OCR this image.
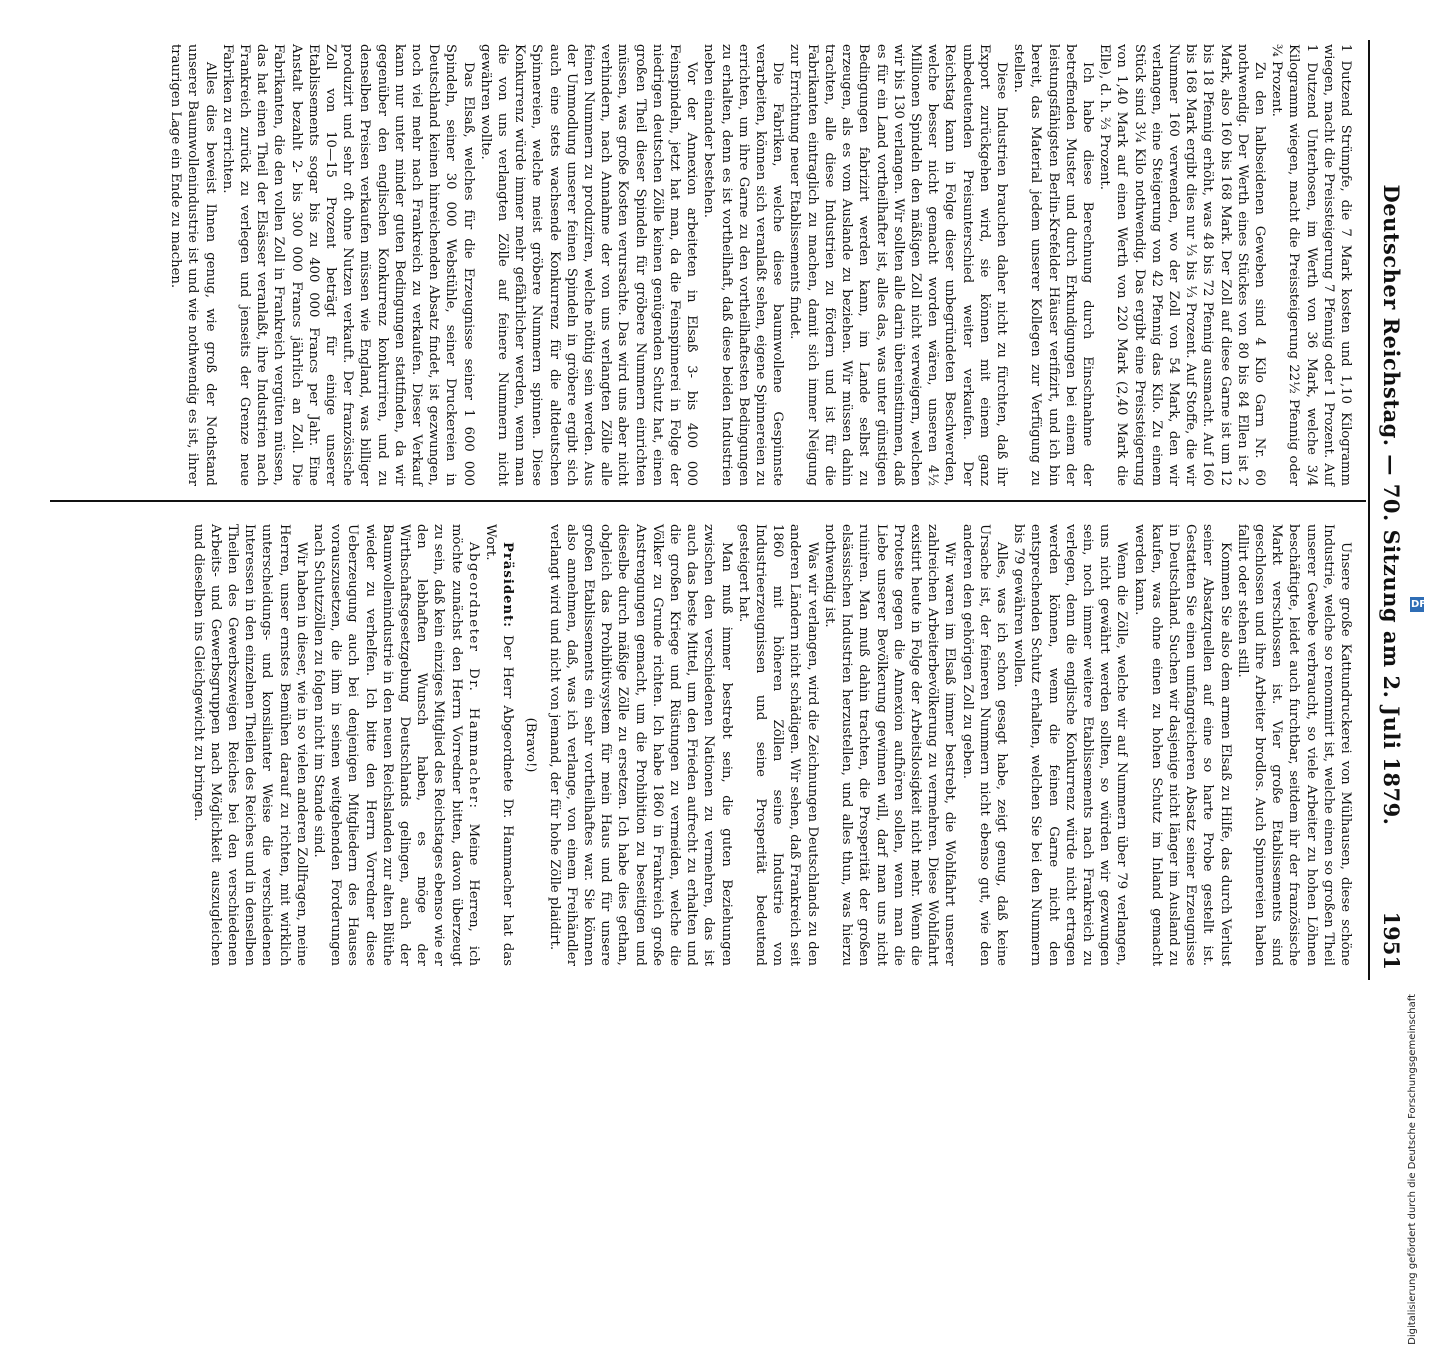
Deutscher Reichstag. — 70. Sitzung am 2. Juli 1879.
1951

1 Dutzend Strümpfe, die 7 Mark kosten und 1,10 Kilogramm wiegen, macht die Preissteigerung 7 Pfennig oder 1 Prozent. Auf 1 Dutzend Unterhosen, im Werth von 36 Mark, welche 3/4 Kilogramm wiegen, macht die Preissteigerung 22½ Pfennig oder ¾ Prozent.

Zu den halbseidenen Geweben sind 4 Kilo Garn Nr. 60 nothwendig. Der Werth eines Stückes von 80 bis 84 Ellen ist 2 Mark, also 160 bis 168 Mark. Der Zoll auf diese Garne ist um 12 bis 18 Pfennig erhöht, was 48 bis 72 Pfennig ausmacht. Auf 160 bis 168 Mark ergibt dies nur ⅓ bis ⅓ Prozent. Auf Stoffe, die wir Nummer 160 verwenden, wo der Zoll von 54 Mark, den wir verlangen, eine Steigerung von 42 Pfennig das Kilo. Zu einem Stück sind 3¼ Kilo nothwendig. Das ergibt eine Preissteigerung von 1,40 Mark auf einen Werth von 220 Mark (2,40 Mark die Elle), d. h. ⅔ Prozent.

Ich habe diese Berechnung durch Einschnahme der betreffenden Muster und durch Erkundigungen bei einem der leistungsfähigsten Berlin-Krefelder Häuser verifizirt, und ich bin bereit, das Material jedem unserer Kollegen zur Verfügung zu stellen.

Diese Industrien brauchen daher nicht zu fürchten, daß ihr Export zurückgehen wird, sie können mit einem ganz unbedeutenden Preisunterschied weiter verkaufen. Der Reichstag kann in Folge dieser unbegründeten Beschwerden, welche besser nicht gemacht worden wären, unseren 4½ Millionen Spindeln den mäßigen Zoll nicht verweigern, welchen wir bis 130 verlangen. Wir sollten alle darin übereinstimmen, daß es für ein Land vortheilhafter ist, alles das, was unter günstigen Bedingungen fabrizirt werden kann, im Lande selbst zu erzeugen, als es vom Auslande zu beziehen. Wir müssen dahin trachten, alle diese Industrien zu fördern und ist für die Fabrikanten eintraglich zu machen, damit sich immer Neigung zur Errichtung neuer Etablissements findet.

Die Fabriken, welche diese baumwollene Gespinnste verarbeiten, können sich veranlaßt sehen, eigene Spinnereien zu errichten, um ihre Garne zu den vortheilhaftesten Bedingungen zu erhalten, denn es ist vortheilhaft, daß diese beiden Industrien neben einander bestehen.

Vor der Annexion arbeiteten in Elsaß 3- bis 400 000 Feinspindeln, jetzt hat man, da die Feinspinnerei in Folge der niedrigen deutschen Zölle keinen genügenden Schutz hat, einen großen Theil dieser Spindeln für gröbere Nummern einrichten müssen, was große Kosten verursachte. Das wird uns aber nicht verhindern, nach Annahme der von uns verlangten Zölle alle feinen Nummern zu produziren, welche nöthig sein werden. Aus der Ummodlung unserer feinen Spindeln in gröbere ergibt sich auch eine stets wachsende Konkurrenz für die altdeutschen Spinnereien, welche meist gröbere Nummern spinnen. Diese Konkurrenz würde immer mehr gefährlicher werden, wenn man die von uns verlangten Zölle auf feinere Nummern nicht gewähren wollte.

Das Elsaß, welches für die Erzeugnisse seiner 1 600 000 Spindeln, seiner 30 000 Webstühle, seiner Druckereien in Deutschland keinen hinreichenden Absatz findet, ist gezwungen, noch viel mehr nach Frankreich zu verkaufen. Dieser Verkauf kann nur unter minder guten Bedingungen stattfinden, da wir gegenüber den englischen Konkurrenz konkurriren, und zu denselben Preisen verkaufen müssen wie England, was billiger produzirt und sehr oft ohne Nutzen verkauft. Der französische Zoll von 10—15 Prozent beträgt für einige unserer Etablissements sogar bis zu 400 000 Francs per Jahr. Eine Anstalt bezahlt 2- bis 300 000 Francs jährlich an Zoll. Die Fabrikanten, die den vollen Zoll in Frankreich vergüten müssen, das hat einen Theil der Elsässer veranlaßt, ihre Industrien nach Frankreich zurück zu verlegen und jenseits der Grenze neue Fabriken zu errichten.

Alles dies beweist Ihnen genug, wie groß der Nothstand unserer Baumwollenindustrie ist und wie nothwendig es ist, ihrer traurigen Lage ein Ende zu machen.

Unsere große Kattundruckerei von Mülhausen, diese schöne Industrie, welche so renommirt ist, welche einen so großen Theil unserer Gewebe verbraucht, so viele Arbeiter zu hohen Löhnen beschäftigte, leidet auch furchtbar, seitdem ihr der französische Markt verschlossen ist. Vier große Etablissements sind geschlossen und ihre Arbeiter brodlos. Auch Spinnereien haben fallirt oder stehen still.

Kommen Sie also dem armen Elsaß zu Hilfe, das durch Verlust seiner Absatzquellen auf eine so harte Probe gestellt ist. Gestatten Sie einen umfangreicheren Absatz seiner Erzeugnisse in Deutschland. Suchen wir dasjenige nicht länger im Ausland zu kaufen, was ohne einen zu hohen Schutz im Inland gemacht werden kann.

Wenn die Zölle, welche wir auf Nummern über 79 verlangen, uns nicht gewährt werden sollten, so würden wir gezwungen sein, noch immer weitere Etablissements nach Frankreich zu verlegen, denn die englische Konkurrenz würde nicht ertragen werden können, wenn die feinen Garne nicht den entsprechenden Schutz erhalten, welchen Sie bei den Nummern bis 79 gewähren wollen.

Alles, was ich schon gesagt habe, zeigt genug, daß keine Ursache ist, der feineren Nummern nicht ebenso gut, wie den anderen den gehörigen Zoll zu geben.

Wir waren im Elsaß immer bestrebt, die Wohlfahrt unserer zahlreichen Arbeiterbevölkerung zu vermehren. Diese Wohlfahrt existirt heute in Folge der Arbeitslosigkeit nicht mehr. Wenn die Proteste gegen die Annexion aufhören sollen, wenn man die Liebe unserer Bevölkerung gewinnen will, darf man uns nicht ruiniren. Man muß dahin trachten, die Prosperität der großen elsässischen Industrien herzustellen, und alles thun, was hierzu nothwendig ist.

Was wir verlangen, wird die Zeichnungen Deutschlands zu den anderen Ländern nicht schädigen. Wir sehen, daß Frankreich seit 1860 mit höheren Zöllen seine Industrie von Industrieerzeugnissen und seine Prosperität bedeutend gesteigert hat.

Man muß immer bestrebt sein, die guten Beziehungen zwischen den verschiedenen Nationen zu vermehren, das ist auch das beste Mittel, um den Frieden aufrecht zu erhalten und die großen Kriege und Rüstungen zu vermeiden, welche die Völker zu Grunde richten. Ich habe 1860 in Frankreich große Anstrengungen gemacht, um die Prohibition zu beseitigen und dieselbe durch mäßige Zölle zu ersetzen. Ich habe dies gethan, obgleich das Prohibitivsystem für mein Haus und für unsere großen Etablissements ein sehr vortheilhaftes war. Sie können also annehmen, daß, was ich verlange, von einem Freihändler verlangt wird und nicht von jemand, der für hohe Zölle plaidirt.

(Bravo!)

Präsident: Der Herr Abgeordnete Dr. Hammacher hat das Wort.

Abgeordneter Dr. Hammacher: Meine Herren, ich möchte zunächst den Herrn Vorredner bitten, davon überzeugt zu sein, daß kein einziges Mitglied des Reichstages ebenso wie er den lebhaften Wunsch haben, es möge der Wirthschaftsgesetzgebung Deutschlands gelingen, auch der Baumwollenindustrie in den neuen Reichslanden zur alten Blüthe wieder zu verhelfen. Ich bitte den Herrn Vorredner diese Ueberzeugung auch bei denjenigen Mitgliedern des Hauses vorauszusetzen, die ihm in seinen weitgehenden Forderungen nach Schutzzöllen zu folgen nicht im Stande sind.

Wir haben in dieser, wie in so vielen anderen Zollfragen, meine Herren, unser ernstes Bemühen darauf zu richten, mit wirklich unterscheidungs- und konsilianter Weise die verschiedenen Interessen in den einzelnen Theilen des Reiches und in denselben Theilen des Gewerbszweigen Reiches bei den verschiedenen Arbeits- und Gewerbsgruppen nach Möglichkeit auszugleichen und dieselben ins Gleichgewicht zu bringen.	DFG
Digitalisierung gefördert durch die Deutsche Forschungsgemeinschaft
